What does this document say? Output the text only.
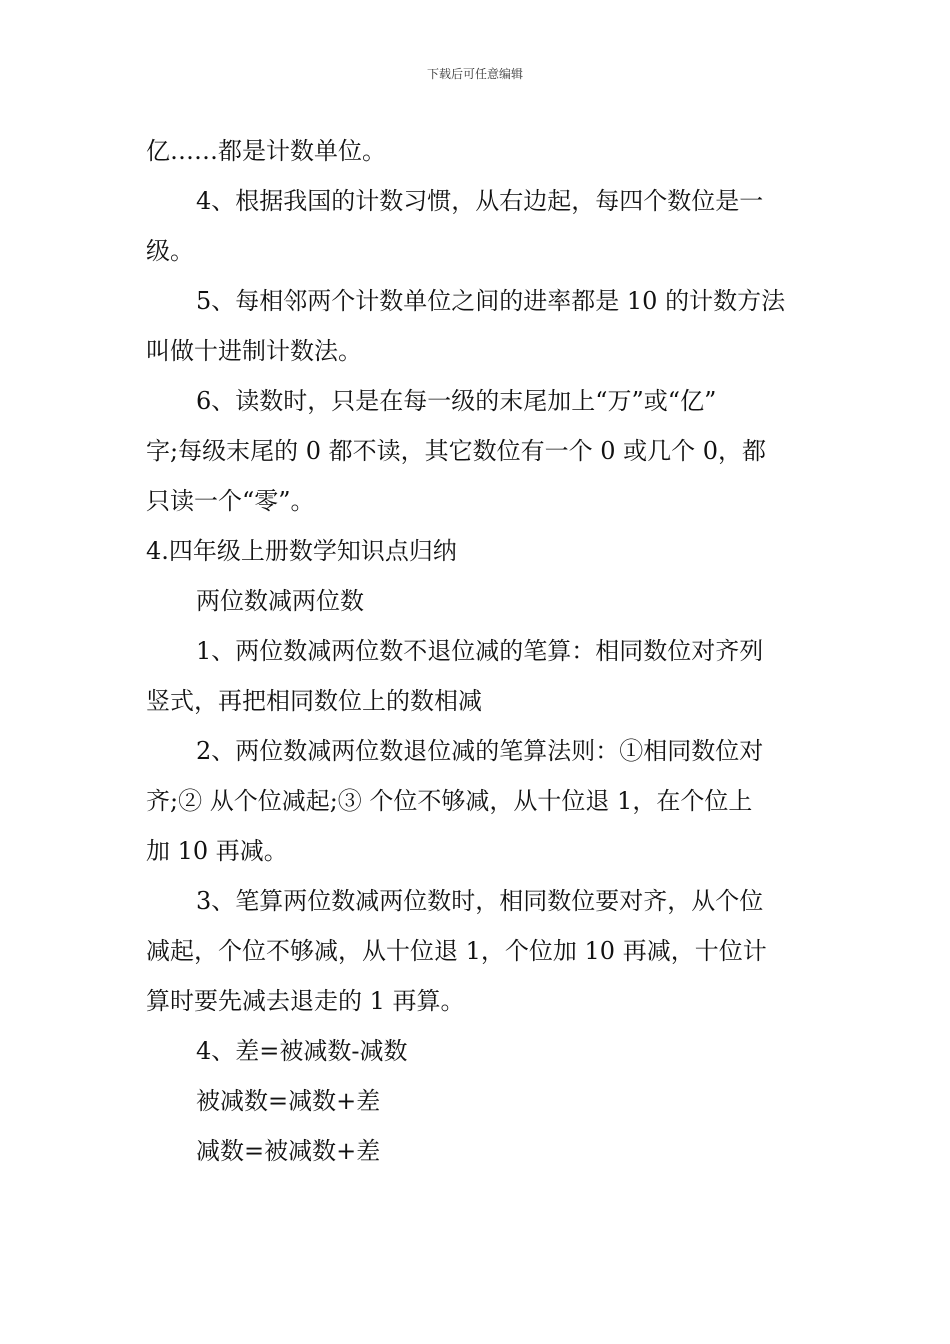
下载后可任意编辑

亿……都是计数单位。

4、根据我国的计数习惯，从右边起，每四个数位是一

级。

5、每相邻两个计数单位之间的进率都是 10 的计数方法

叫做十进制计数法。

6、读数时，只是在每一级的末尾加上“万”或“亿”

字;每级末尾的 0 都不读，其它数位有一个 0 或几个 0，都

只读一个“零”。

4.四年级上册数学知识点归纳

两位数减两位数

1、两位数减两位数不退位减的笔算：相同数位对齐列

竖式，再把相同数位上的数相减

2、两位数减两位数退位减的笔算法则：①相同数位对

齐;② 从个位减起;③ 个位不够减，从十位退 1，在个位上

加 10 再减。

3、笔算两位数减两位数时，相同数位要对齐，从个位

减起，个位不够减，从十位退 1，个位加 10 再减，十位计

算时要先减去退走的 1 再算。

4、差=被减数-减数

被减数=减数+差

减数=被减数+差
